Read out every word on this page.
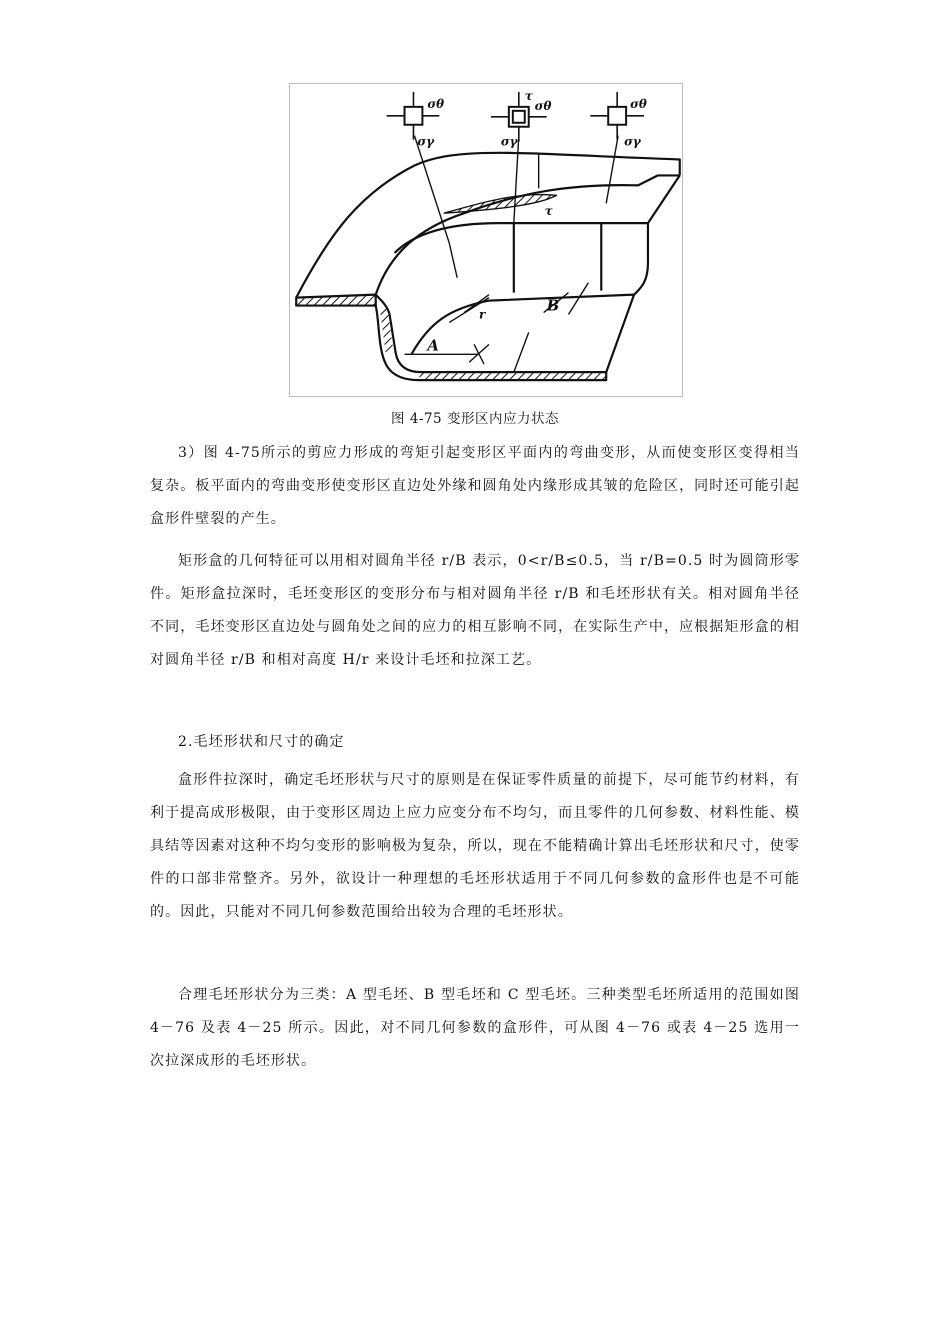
σθ
σγ
τ
σθ
σγ
σθ
σγ
τ
r
A
B
图 4-75 变形区内应力状态

3）图 4-75所示的剪应力形成的弯矩引起变形区平面内的弯曲变形，从而使变形区变得相当复杂。板平面内的弯曲变形使变形区直边处外缘和圆角处内缘形成其皱的危险区，同时还可能引起盒形件壁裂的产生。

矩形盒的几何特征可以用相对圆角半径 r/B 表示，0<r/B≤0.5，当 r/B=0.5 时为圆筒形零件。矩形盒拉深时，毛坯变形区的变形分布与相对圆角半径 r/B 和毛坯形状有关。相对圆角半径不同，毛坯变形区直边处与圆角处之间的应力的相互影响不同，在实际生产中，应根据矩形盒的相对圆角半径 r/B 和相对高度 H/r 来设计毛坯和拉深工艺。

2.毛坯形状和尺寸的确定

盒形件拉深时，确定毛坯形状与尺寸的原则是在保证零件质量的前提下，尽可能节约材料，有利于提高成形极限，由于变形区周边上应力应变分布不均匀，而且零件的几何参数、材料性能、模具结等因素对这种不均匀变形的影响极为复杂，所以，现在不能精确计算出毛坯形状和尺寸，使零件的口部非常整齐。另外，欲设计一种理想的毛坯形状适用于不同几何参数的盒形件也是不可能的。因此，只能对不同几何参数范围给出较为合理的毛坯形状。

合理毛坯形状分为三类：A 型毛坯、B 型毛坯和 C 型毛坯。三种类型毛坯所适用的范围如图 4－76 及表 4－25 所示。因此，对不同几何参数的盒形件，可从图 4－76 或表 4－25 选用一次拉深成形的毛坯形状。
